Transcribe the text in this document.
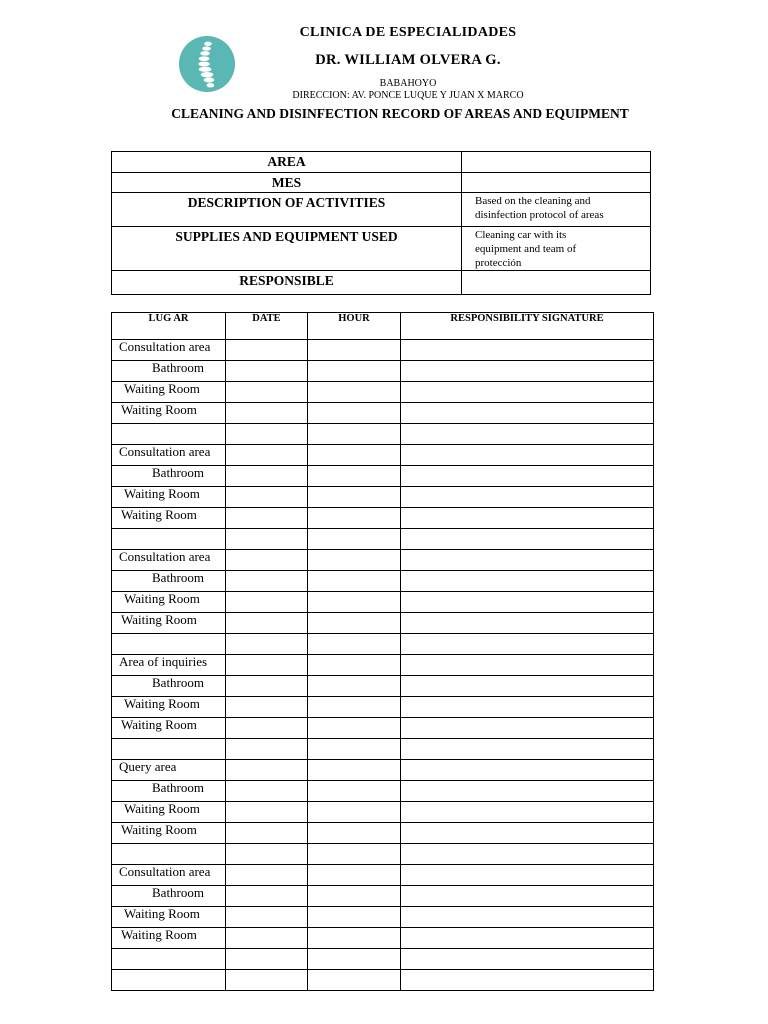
CLINICA DE ESPECIALIDADES
DR. WILLIAM OLVERA G.
BABAHOYO
DIRECCION: AV. PONCE LUQUE Y JUAN X MARCO
CLEANING AND DISINFECTION RECORD OF AREAS AND EQUIPMENT
AREA	
MES	
DESCRIPTION OF ACTIVITIES	Based on the cleaning and disinfection protocol of areas
SUPPLIES AND EQUIPMENT USED	Cleaning car with its equipment and team of protección
RESPONSIBLE	
LUG AR	DATE	HOUR	RESPONSIBILITY SIGNATURE
Consultation area			
Bathroom			
Waiting Room			
Waiting Room			

Consultation area			
Bathroom			
Waiting Room			
Waiting Room			

Consultation area			
Bathroom			
Waiting Room			
Waiting Room			

Area of inquiries			
Bathroom			
Waiting Room			
Waiting Room			

Query area			
Bathroom			
Waiting Room			
Waiting Room			

Consultation area			
Bathroom			
Waiting Room			
Waiting Room			
